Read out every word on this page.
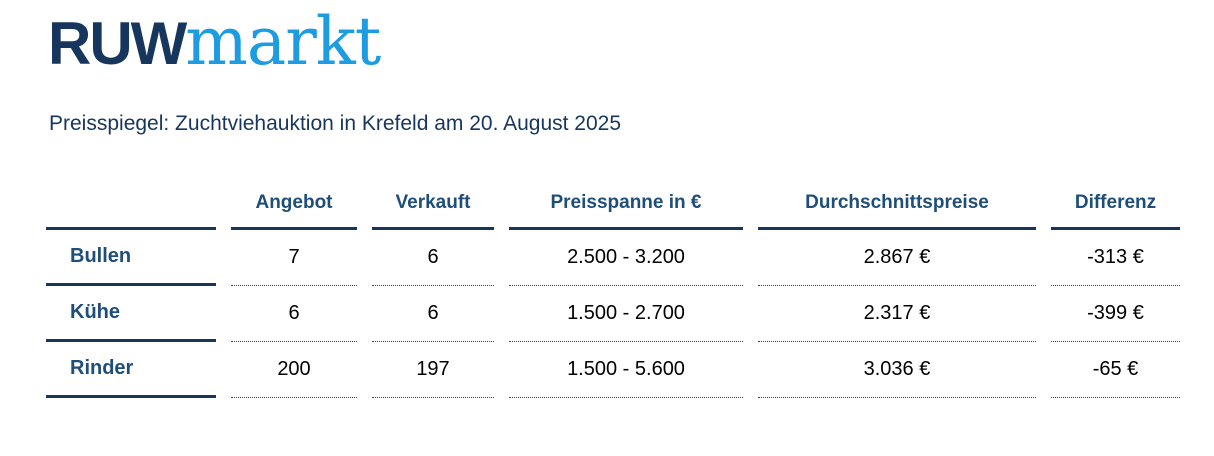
RUWmarkt
Preisspiegel: Zuchtviehauktion in Krefeld am 20. August 2025
	Angebot	Verkauft	Preisspanne in €	Durchschnittspreise	Differenz
Bullen	7	6	2.500 - 3.200	2.867 €	-313 €
Kühe	6	6	1.500 - 2.700	2.317 €	-399 €
Rinder	200	197	1.500 - 5.600	3.036 €	-65 €
